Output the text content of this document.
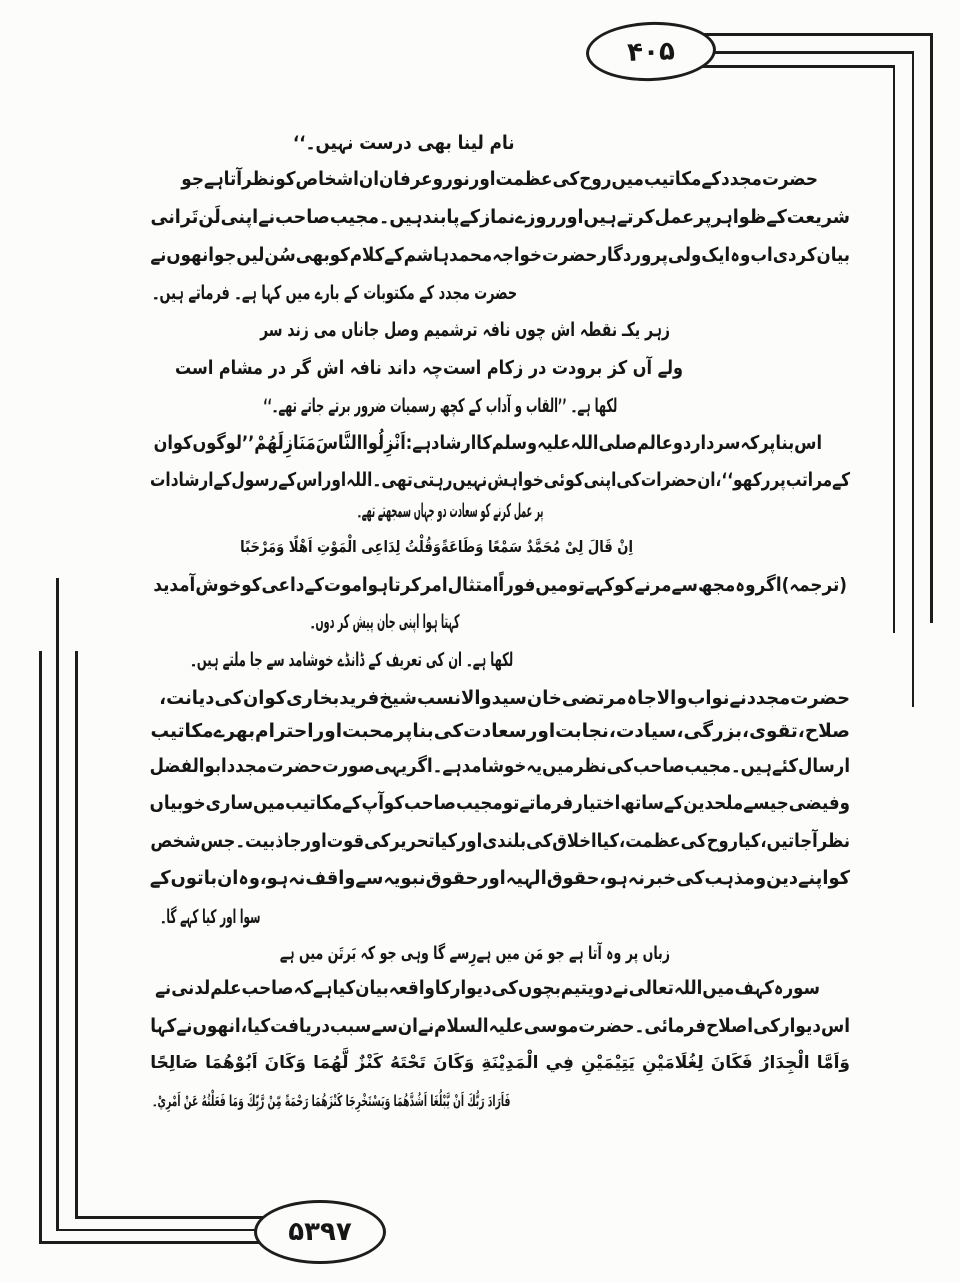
۴۰۵
۵۳۹۷
نام لینا بھی درست نہیں۔‘‘
حضرت
مجدد
کے
مکاتیب
میں
روح
کی
عظمت
اور
نور
و
عرفان
ان
اشخاص
کو
نظر
آتا
ہے
جو
شریعت
کے
ظواہر
پر
عمل
کرتے
ہیں
اور
روزے
نماز
کے
پابند
ہیں۔
مجیب
صاحب
نے
اپنی
لَن
تَرانی
بیان
کر
دی
اب
وہ
ایک
ولی
پروردگار
حضرت
خواجہ
محمد
ہاشم
کے
کلام
کو
بھی
سُن
لیں
جو
انھوں
نے
حضرت مجدد کے مکتوبات کے بارے میں کہا ہے۔ فرماتے ہیں۔
زہر یکـ نقطہ اش چوں نافہ تر
شمیم وصل جاناں می زند سر
ولے آں کز برودت در زکام است
چہ داند نافہ اش گر در مشام است
لکھا ہے۔ ’’القاب و آداب کے کچھ رسمیات ضرور برتے جاتے تھے۔‘‘
اس
بنا
پر
کہ
سردار
دو
عالم
صلی
اللہ
علیہ
وسلم
کا
ارشاد
ہے:
اَنْزِلُوا
النَّاسَ
مَنَازِلَهُمْ
’’لوگوں
کو
ان
کے
مراتب
پر
رکھو‘‘،
ان
حضرات
کی
اپنی
کوئی
خواہش
نہیں
رہتی
تھی۔
اللہ
اور
اس
کے
رسول
کے
ارشادات
پر عمل کرنے کو سعادت دو جہاں سمجھتے تھے۔
اِنْ قَالَ لِیْ مُحَمَّدٌ سَمْعًا وَطَاعَةً
وَقُلْتُ لِدَاعِی الْمَوْتِ اَهْلًا وَمَرْحَبًا
(ترجمہ)
اگر
وہ
مجھ
سے
مرنے
کو
کہے
تو
میں
فوراً
امتثال
امر
کرتا
ہوا
موت
کے
داعی
کو
خوش
آمدید
کہتا ہوا اپنی جان پیش کر دوں۔
لکھا ہے۔ ان کی تعریف کے ڈانڈے خوشامد سے جا ملتے ہیں۔
حضرت
مجدد
نے
نواب
والا
جاہ
مرتضی
خان
سید
والا
نسب
شیخ
فرید
بخاری
کو
ان
کی
دیانت،
صلاح،
تقوی،
بزرگی،
سیادت،
نجابت
اور
سعادت
کی
بنا
پر
محبت
اور
احترام
بھرے
مکاتیب
ارسال
کئے
ہیں۔
مجیب
صاحب
کی
نظر
میں
یہ
خوشامد
ہے۔
اگر
یہی
صورت
حضرت
مجدد
ابوالفضل
و
فیضی
جیسے
ملحدین
کے
ساتھ
اختیار
فرماتے
تو
مجیب
صاحب
کو
آپ
کے
مکاتیب
میں
ساری
خوبیاں
نظر
آ
جاتیں،
کیا
روح
کی
عظمت،
کیا
اخلاق
کی
بلندی
اور
کیا
تحریر
کی
قوت
اور
جاذبیت۔
جس
شخص
کو
اپنے
دین
و
مذہب
کی
خبر
نہ
ہو،
حقوق
الہیہ
اور
حقوق
نبویہ
سے
واقف
نہ
ہو،
وہ
ان
باتوں
کے
سوا اور کیا کہے گا۔
زباں پر وہ آتا ہے جو مَن میں ہے
رِسے گا وہی جو کہ بَرتَن میں ہے
سورہ
کہف
میں
اللہ
تعالی
نے
دو
یتیم
بچوں
کی
دیوار
کا
واقعہ
بیان
کیا
ہے
کہ
صاحب
علم
لدنی
نے
اس
دیوار
کی
اصلاح
فرمائی۔
حضرت
موسی
علیہ
السلام
نے
ان
سے
سبب
دریافت
کیا،
انھوں
نے
کہا
وَاَمَّا
الْجِدَارُ
فَكَانَ
لِغُلَامَيْنِ
يَتِيْمَيْنِ
فِي
الْمَدِيْنَةِ
وَكَانَ
تَحْتَهُ
كَنْزٌ
لَّهُمَا
وَكَانَ
اَبُوْهُمَا
صَالِحًا
فَاَرَادَ رَبُّكَ اَنْ يَّبْلُغَا اَشُدَّهُمَا وَيَسْتَخْرِجَا كَنْزَهُمَا رَحْمَةً مِّنْ رَّبِّكَ وَمَا فَعَلْتُهُ عَنْ اَمْرِيْ۔
